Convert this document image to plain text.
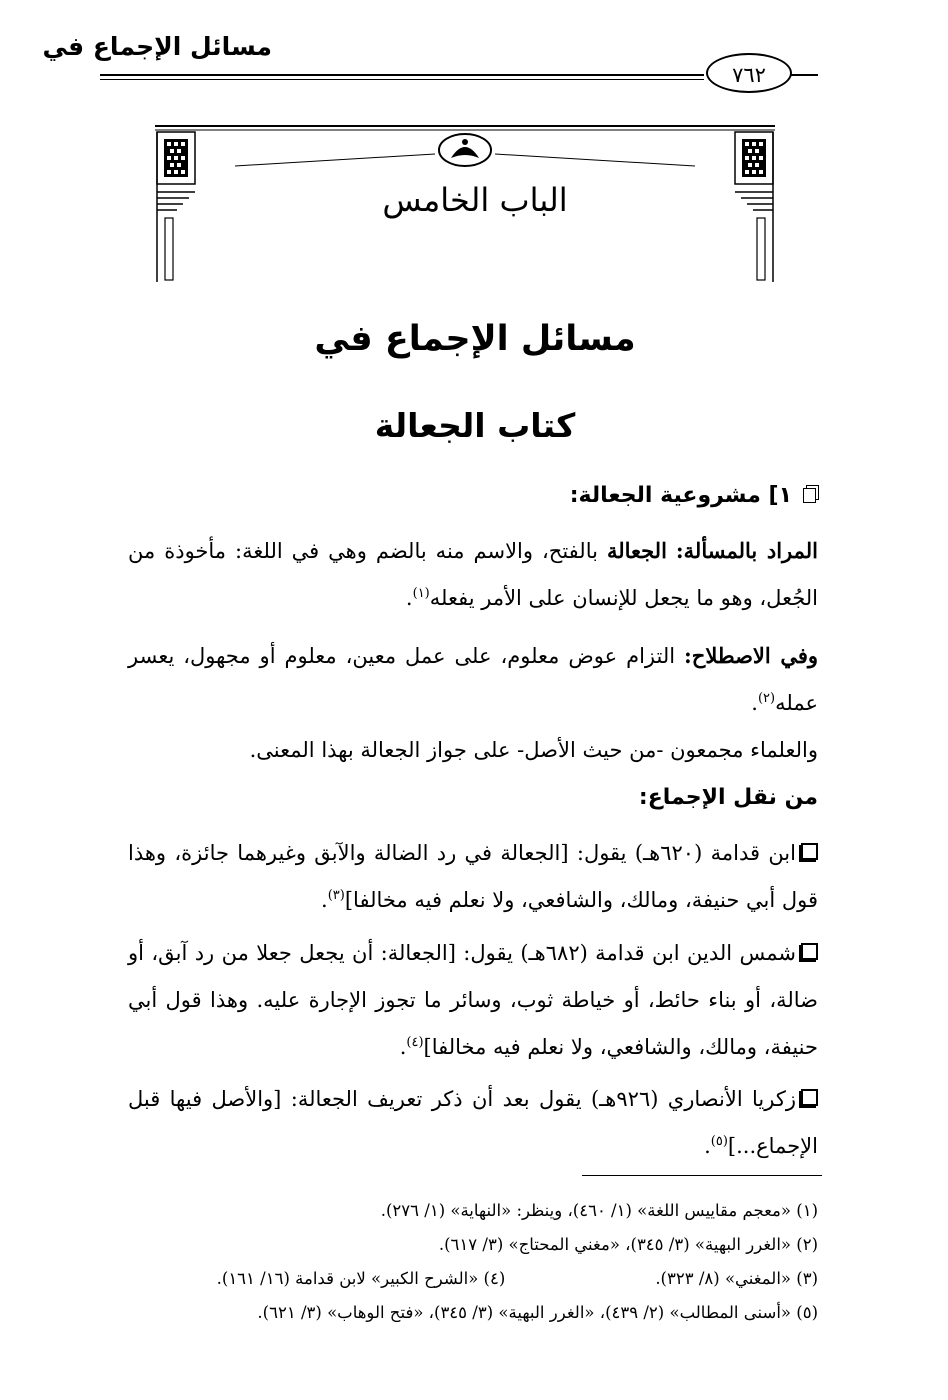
مسائل الإجماع في
٧٦٢
الباب الخامس
مسائل الإجماع في
كتاب الجعالة

١] مشروعية الجعالة:

المراد بالمسألة: الجعالة بالفتح، والاسم منه بالضم وهي في اللغة: مأخوذة من الجُعل، وهو ما يجعل للإنسان على الأمر يفعله$^{(١)}$.

وفي الاصطلاح: التزام عوض معلوم، على عمل معين، معلوم أو مجهول، يعسر عمله$^{(٢)}$.

والعلماء مجمعون -من حيث الأصل- على جواز الجعالة بهذا المعنى.

من نقل الإجماع:

ابن قدامة (٦٢٠هـ) يقول: [الجعالة في رد الضالة والآبق وغيرهما جائزة، وهذا قول أبي حنيفة، ومالك، والشافعي، ولا نعلم فيه مخالفا]$^{(٣)}$.

شمس الدين ابن قدامة (٦٨٢هـ) يقول: [الجعالة: أن يجعل جعلا من رد آبق، أو ضالة، أو بناء حائط، أو خياطة ثوب، وسائر ما تجوز الإجارة عليه. وهذا قول أبي حنيفة، ومالك، والشافعي، ولا نعلم فيه مخالفا]$^{(٤)}$.

زكريا الأنصاري (٩٢٦هـ) يقول بعد أن ذكر تعريف الجعالة: [والأصل فيها قبل الإجماع...]$^{(٥)}$.

(١) «معجم مقاييس اللغة» (١/ ٤٦٠)، وينظر: «النهاية» (١/ ٢٧٦).

(٢) «الغرر البهية» (٣/ ٣٤٥)، «مغني المحتاج» (٣/ ٦١٧).

(٣) «المغني» (٨/ ٣٢٣).(٤) «الشرح الكبير» لابن قدامة (١٦/ ١٦١).

(٥) «أسنى المطالب» (٢/ ٤٣٩)، «الغرر البهية» (٣/ ٣٤٥)، «فتح الوهاب» (٣/ ٦٢١).
